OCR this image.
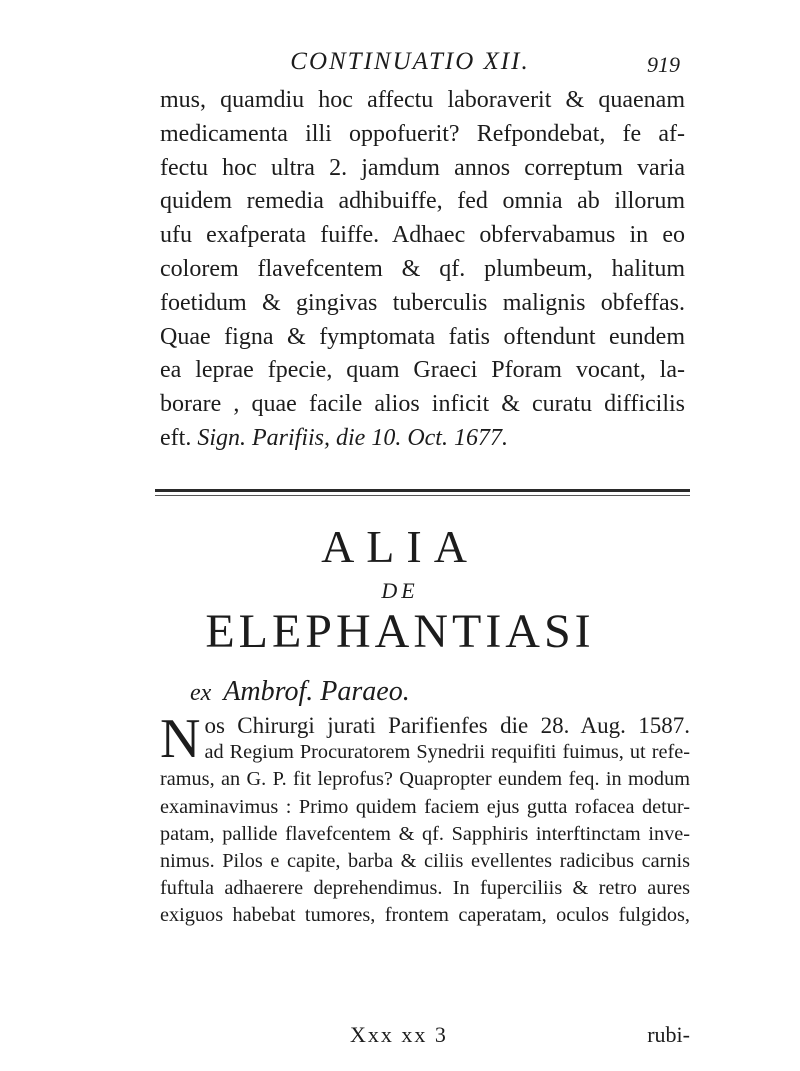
CONTINUATIO XII.	919
mus, quamdiu hoc affectu laboraverit & quaenam
medicamenta illi oppofuerit? Refpondebat, fe af-
fectu hoc ultra 2. jamdum annos correptum varia
quidem remedia adhibuiffe, fed omnia ab illorum
ufu exafperata fuiffe. Adhaec obfervabamus in eo
colorem flavefcentem & qf. plumbeum, halitum
foetidum & gingivas tuberculis malignis obfeffas.
Quae figna & fymptomata fatis oftendunt eundem
ea leprae fpecie, quam Graeci Pforam vocant, la-
borare , quae facile alios inficit & curatu difficilis
eft. Sign. Parifiis, die 10. Oct. 1677.
ALIA
DE
ELEPHANTIASI
ex Ambrof. Paraeo.
N os Chirurgi jurati Parifienfes die 28. Aug. 1587.
ad Regium Procuratorem Synedrii requifiti fuimus, ut refe-
ramus, an G. P. fit leprofus? Quapropter eundem feq. in modum
examinavimus : Primo quidem faciem ejus gutta rofacea detur-
patam, pallide flavefcentem & qf. Sapphiris interftinctam inve-
nimus. Pilos e capite, barba & ciliis evellentes radicibus carnis
fuftula adhaerere deprehendimus. In fuperciliis & retro aures
exiguos habebat tumores, frontem caperatam, oculos fulgidos,
Xxx xx 3	rubi-
